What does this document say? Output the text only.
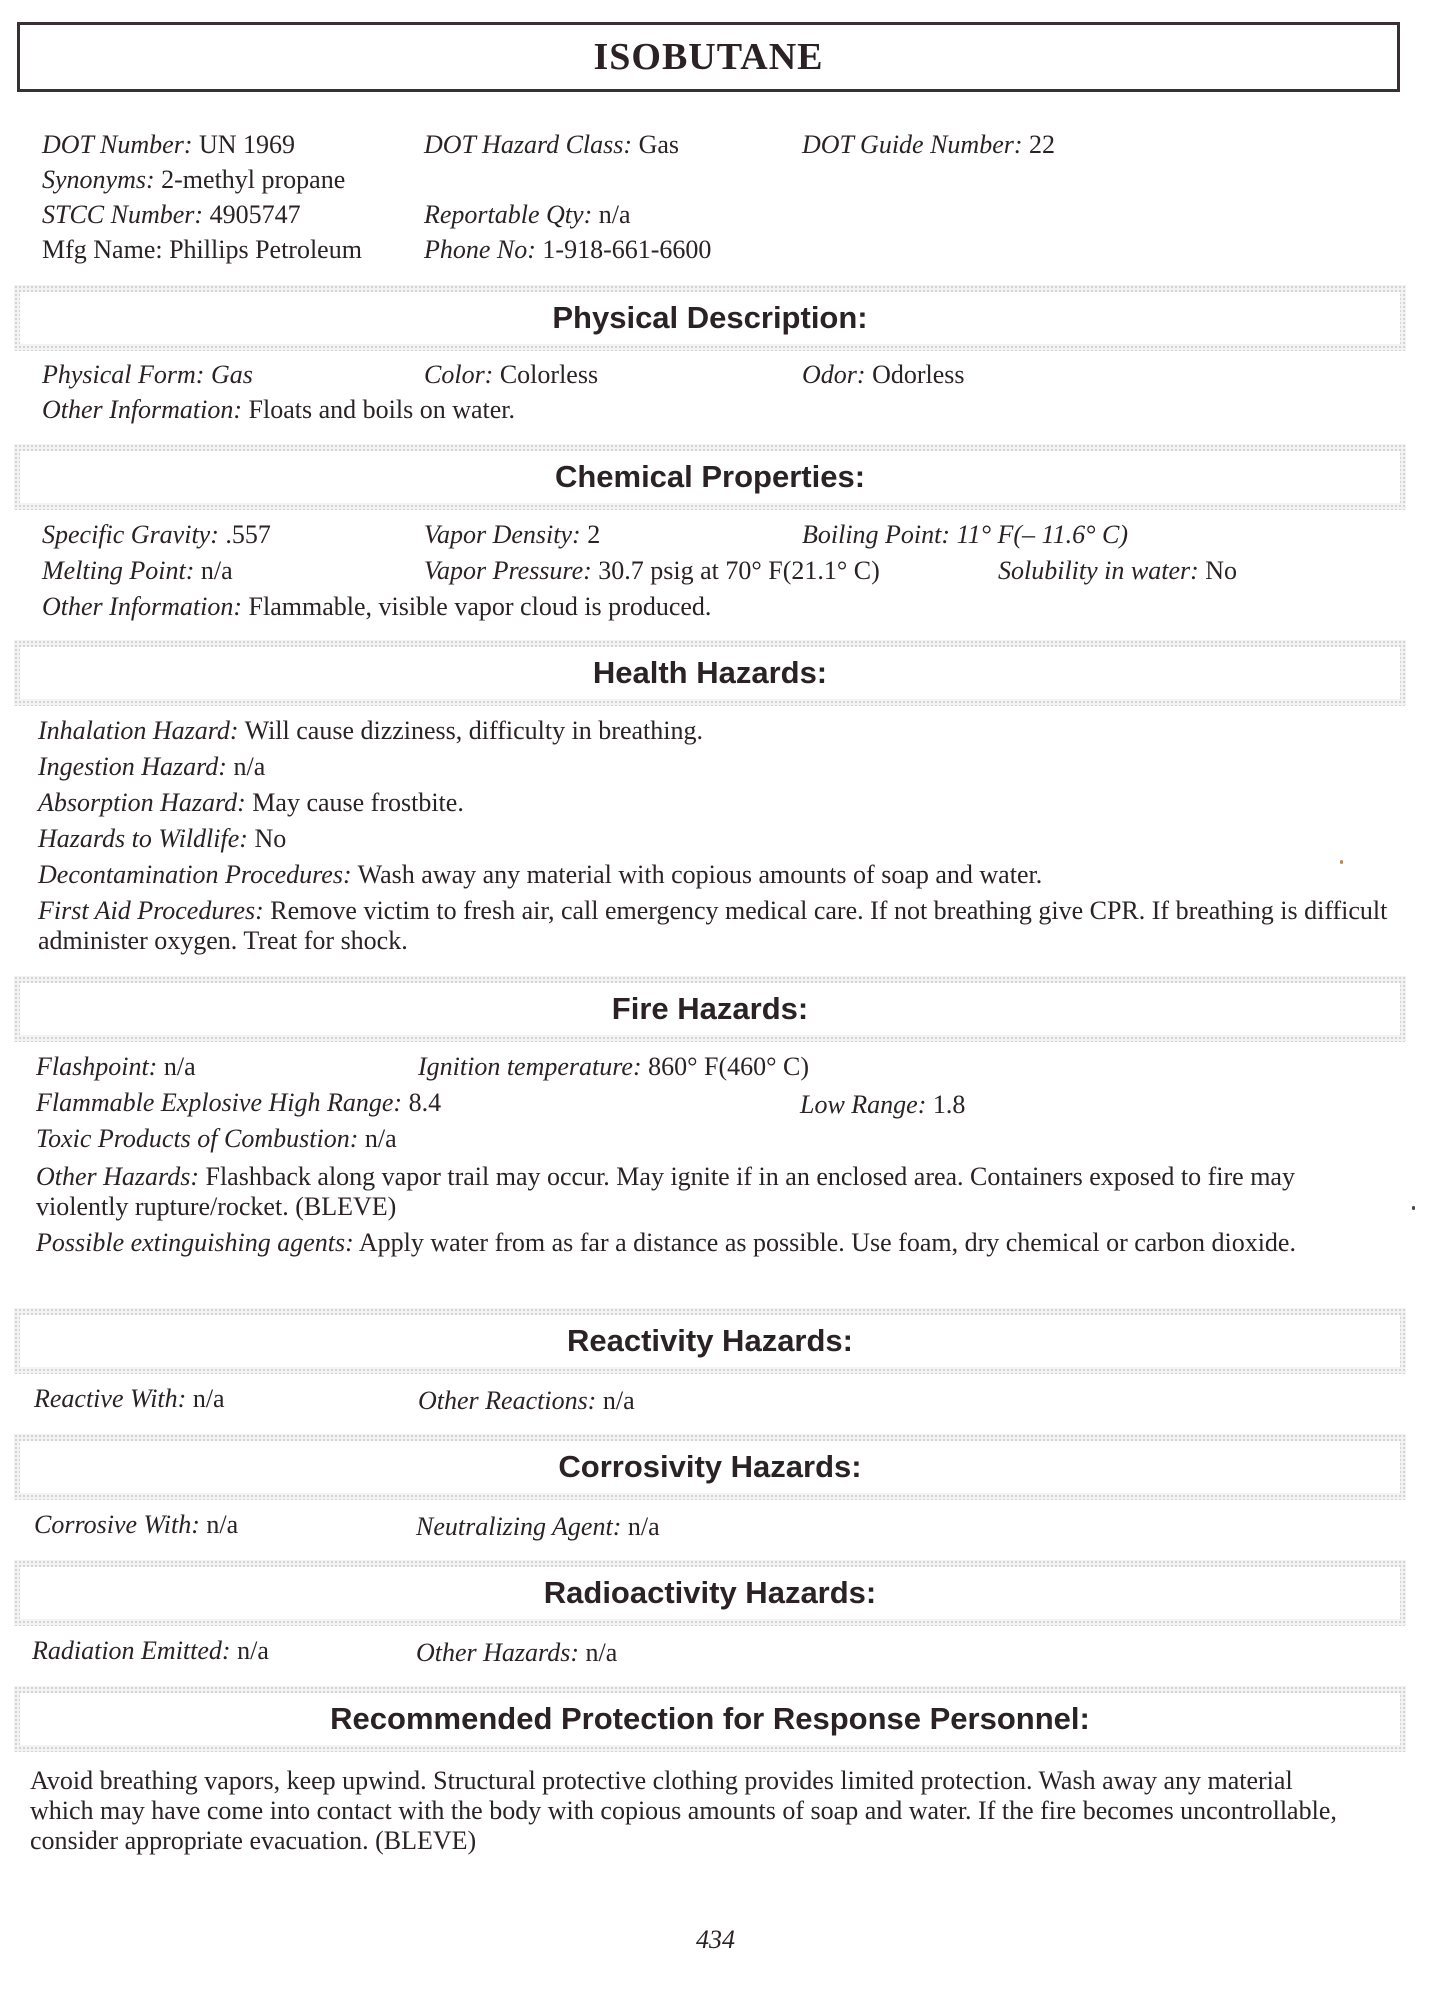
ISOBUTANE
DOT Number: UN 1969	DOT Hazard Class: Gas	DOT Guide Number: 22
Synonyms: 2-methyl propane
STCC Number: 4905747	Reportable Qty: n/a
Mfg Name: Phillips Petroleum Phone No: 1-918-661-6600
Physical Description:
Physical Form: Gas	Color: Colorless	Odor: Odorless
Other Information: Floats and boils on water.
Chemical Properties:
Specific Gravity: .557	Vapor Density: 2	Boiling Point: 11° F(– 11.6° C)
Melting Point: n/a	Vapor Pressure: 30.7 psig at 70° F(21.1° C)	Solubility in water: No
Other Information: Flammable, visible vapor cloud is produced.
Health Hazards:
Inhalation Hazard: Will cause dizziness, difficulty in breathing.
Ingestion Hazard: n/a
Absorption Hazard: May cause frostbite.
Hazards to Wildlife: No
Decontamination Procedures: Wash away any material with copious amounts of soap and water.
First Aid Procedures: Remove victim to fresh air, call emergency medical care. If not breathing give CPR. If breathing is difficult administer oxygen. Treat for shock.
Fire Hazards:
Flashpoint: n/a	Ignition temperature: 860° F(460° C)
Flammable Explosive High Range: 8.4	Low Range: 1.8
Toxic Products of Combustion: n/a
Other Hazards: Flashback along vapor trail may occur. May ignite if in an enclosed area. Containers exposed to fire may violently rupture/rocket. (BLEVE)
Possible extinguishing agents: Apply water from as far a distance as possible. Use foam, dry chemical or carbon dioxide.
Reactivity Hazards:
Reactive With: n/a	Other Reactions: n/a
Corrosivity Hazards:
Corrosive With: n/a	Neutralizing Agent: n/a
Radioactivity Hazards:
Radiation Emitted: n/a	Other Hazards: n/a
Recommended Protection for Response Personnel:
Avoid breathing vapors, keep upwind. Structural protective clothing provides limited protection. Wash away any material which may have come into contact with the body with copious amounts of soap and water. If the fire becomes uncontrollable, consider appropriate evacuation. (BLEVE)
434
